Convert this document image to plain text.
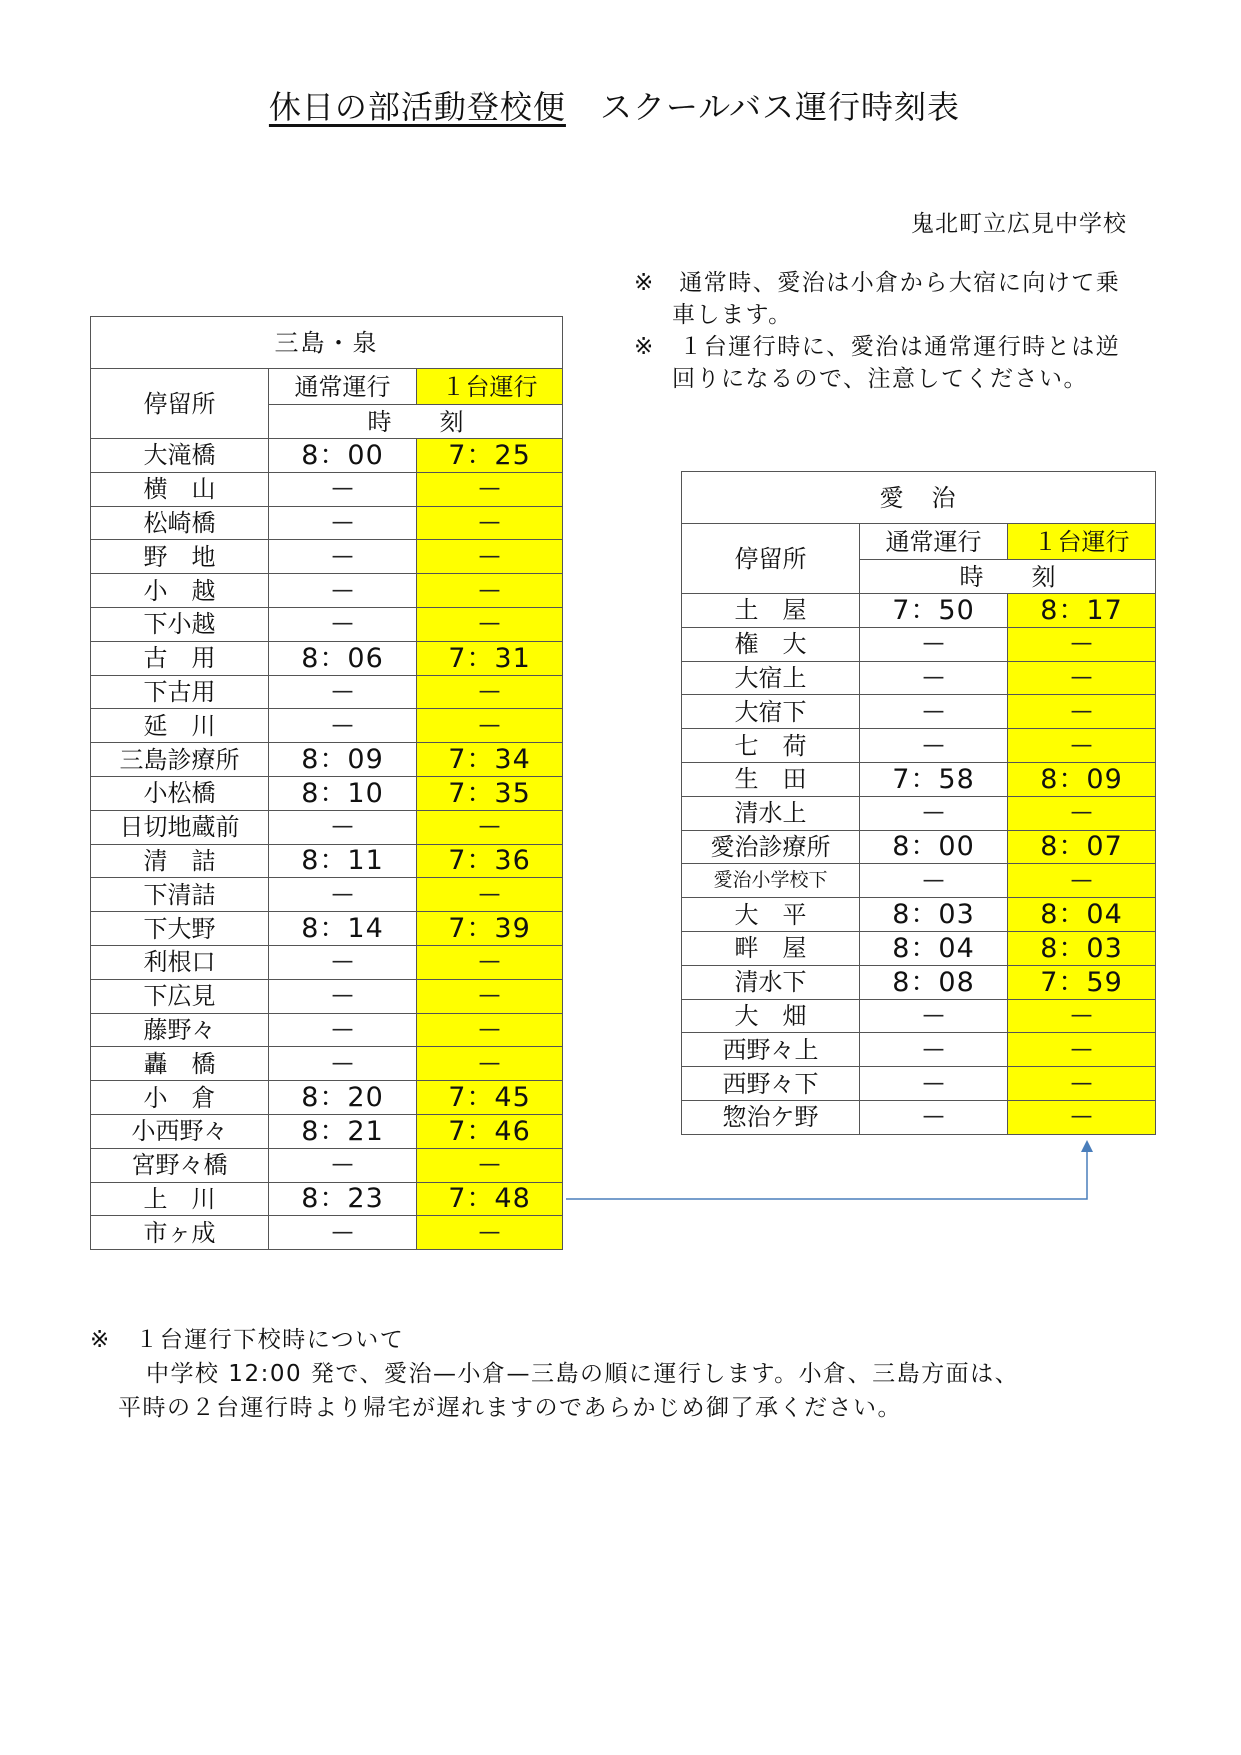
休日の部活動登校便 スクールバス運行時刻表
鬼北町立広見中学校

※　通常時、愛治は小倉から大宿に向けて乗車します。

※　１台運行時に、愛治は通常運行時とは逆回りになるので、注意してください。

三島・泉		
停留所	通常運行	１台運行
	時　　刻	
大滝橋	8：00	7：25
横　山	—	—
松崎橋	—	—
野　地	—	—
小　越	—	—
下小越	—	—
古　用	8：06	7：31
下古用	—	—
延　川	—	—
三島診療所	8：09	7：34
小松橋	8：10	7：35
日切地蔵前	—	—
清　詰	8：11	7：36
下清詰	—	—
下大野	8：14	7：39
利根口	—	—
下広見	—	—
藤野々	—	—
轟　橋	—	—
小　倉	8：20	7：45
小西野々	8：21	7：46
宮野々橋	—	—
上　川	8：23	7：48
市ヶ成	—	—
愛　治		
停留所	通常運行	１台運行
	時　　刻	
土　屋	7：50	8：17
権　大	—	—
大宿上	—	—
大宿下	—	—
七　荷	—	—
生　田	7：58	8：09
清水上	—	—
愛治診療所	8：00	8：07
愛治小学校下	—	—
大　平	8：03	8：04
畔　屋	8：04	8：03
清水下	8：08	7：59
大　畑	—	—
西野々上	—	—
西野々下	—	—
惣治ケ野	—	—
※　１台運行下校時について
中学校 12:00 発で、愛治—小倉—三島の順に運行します。小倉、三島方面は、
平時の２台運行時より帰宅が遅れますのであらかじめ御了承ください。
